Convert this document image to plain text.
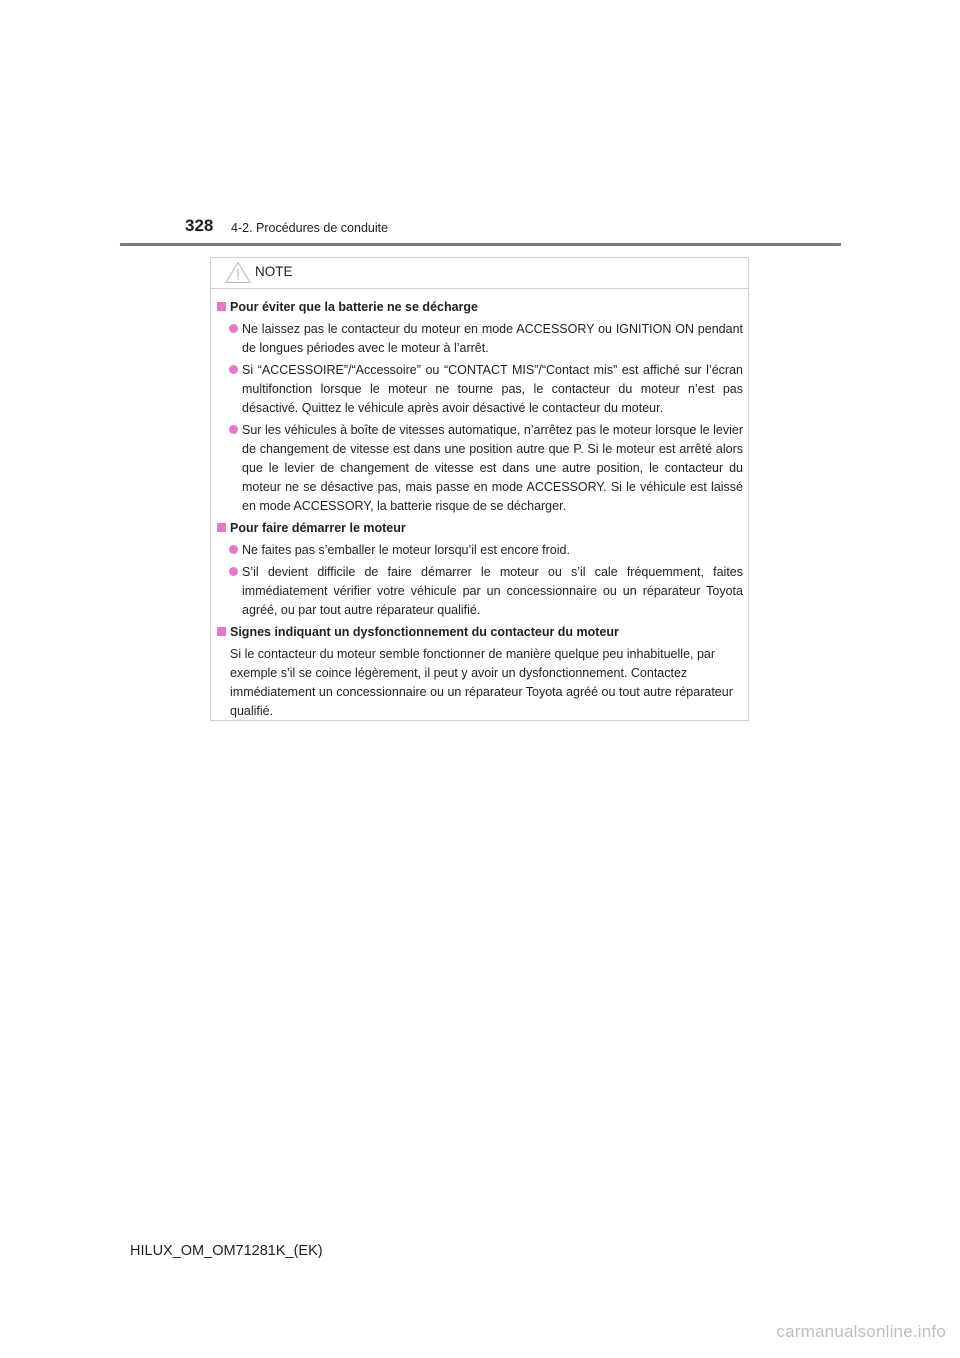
328 4-2. Procédures de conduite
NOTE
Pour éviter que la batterie ne se décharge
Ne laissez pas le contacteur du moteur en mode ACCESSORY ou IGNITION ON pendant de longues périodes avec le moteur à l’arrêt.
Si “ACCESSOIRE”/“Accessoire” ou “CONTACT MIS”/“Contact mis” est affiché sur l’écran multifonction lorsque le moteur ne tourne pas, le contacteur du moteur n’est pas désactivé. Quittez le véhicule après avoir désactivé le contacteur du moteur.
Sur les véhicules à boîte de vitesses automatique, n’arrêtez pas le moteur lorsque le levier de changement de vitesse est dans une position autre que P. Si le moteur est arrêté alors que le levier de changement de vitesse est dans une autre position, le contacteur du moteur ne se désactive pas, mais passe en mode ACCESSORY. Si le véhicule est laissé en mode ACCESSORY, la batterie risque de se décharger.
Pour faire démarrer le moteur
Ne faites pas s’emballer le moteur lorsqu’il est encore froid.
S’il devient difficile de faire démarrer le moteur ou s’il cale fréquemment, faites immédiatement vérifier votre véhicule par un concessionnaire ou un réparateur Toyota agréé, ou par tout autre réparateur qualifié.
Signes indiquant un dysfonctionnement du contacteur du moteur

Si le contacteur du moteur semble fonctionner de manière quelque peu inhabituelle, par exemple s’il se coince légèrement, il peut y avoir un dysfonctionnement. Contactez immédiatement un concessionnaire ou un réparateur Toyota agréé ou tout autre réparateur qualifié.

HILUX_OM_OM71281K_(EK)
carmanualsonline.info
